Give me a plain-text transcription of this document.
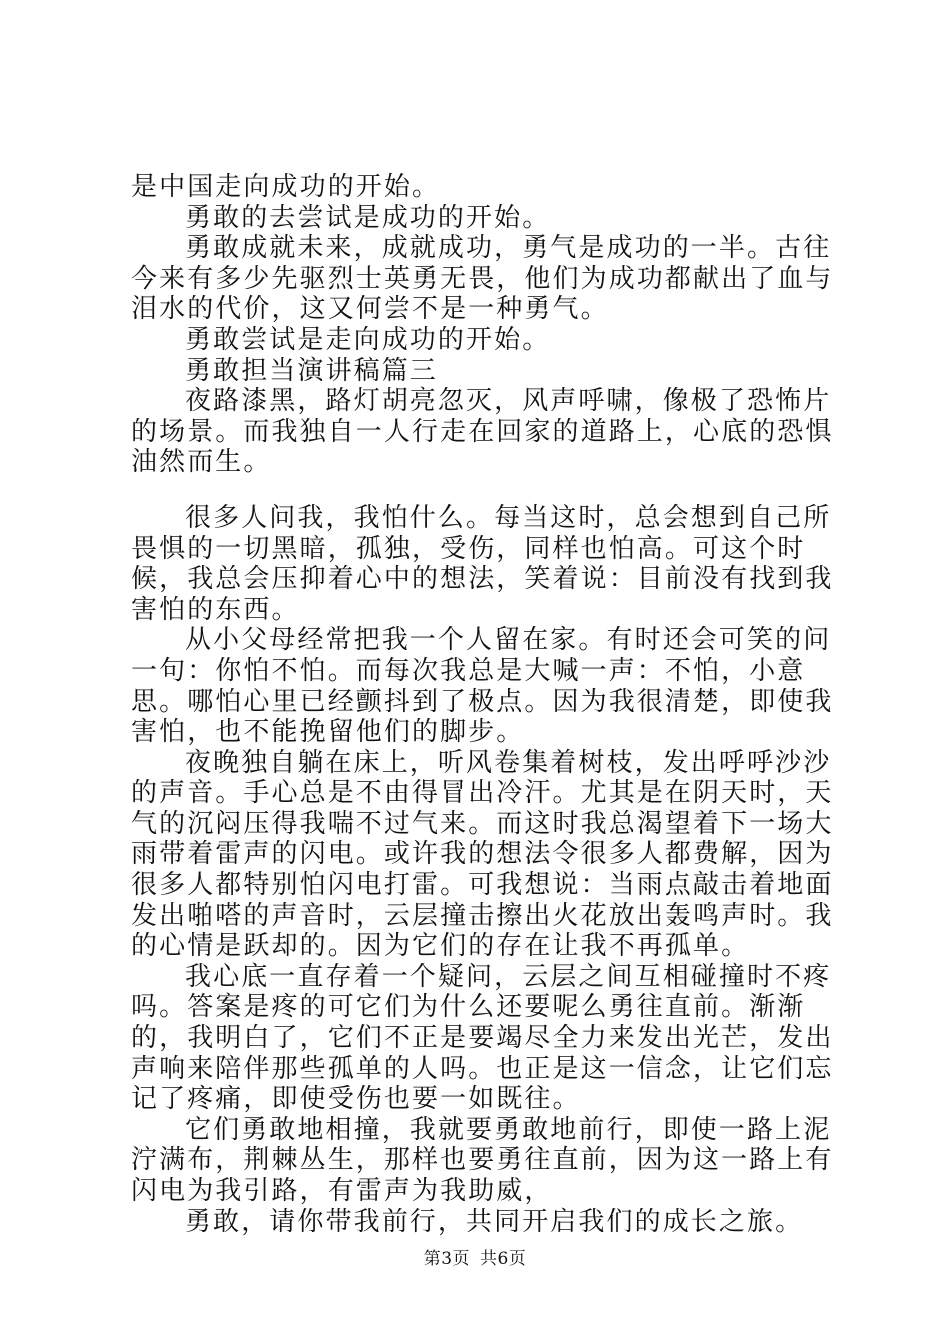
是中国走向成功的开始。

勇敢的去尝试是成功的开始。

勇敢成就未来，成就成功，勇气是成功的一半。古往今来有多少先驱烈士英勇无畏，他们为成功都献出了血与泪水的代价，这又何尝不是一种勇气。

勇敢尝试是走向成功的开始。

勇敢担当演讲稿篇三

夜路漆黑，路灯胡亮忽灭，风声呼啸，像极了恐怖片的场景。而我独自一人行走在回家的道路上，心底的恐惧油然而生。

很多人问我，我怕什么。每当这时，总会想到自己所畏惧的一切黑暗，孤独，受伤，同样也怕高。可这个时候，我总会压抑着心中的想法，笑着说：目前没有找到我害怕的东西。

从小父母经常把我一个人留在家。有时还会可笑的问一句：你怕不怕。而每次我总是大喊一声：不怕，小意思。哪怕心里已经颤抖到了极点。因为我很清楚，即使我害怕，也不能挽留他们的脚步。

夜晚独自躺在床上，听风卷集着树枝，发出呼呼沙沙的声音。手心总是不由得冒出冷汗。尤其是在阴天时，天气的沉闷压得我喘不过气来。而这时我总渴望着下一场大雨带着雷声的闪电。或许我的想法令很多人都费解，因为很多人都特别怕闪电打雷。可我想说：当雨点敲击着地面发出啪嗒的声音时，云层撞击擦出火花放出轰鸣声时。我的心情是跃却的。因为它们的存在让我不再孤单。

我心底一直存着一个疑问，云层之间互相碰撞时不疼吗。答案是疼的可它们为什么还要呢么勇往直前。渐渐的，我明白了，它们不正是要竭尽全力来发出光芒，发出声响来陪伴那些孤单的人吗。也正是这一信念，让它们忘记了疼痛，即使受伤也要一如既往。

它们勇敢地相撞，我就要勇敢地前行，即使一路上泥泞满布，荆棘丛生，那样也要勇往直前，因为这一路上有闪电为我引路，有雷声为我助威，

勇敢，请你带我前行，共同开启我们的成长之旅。

第3页 共6页
